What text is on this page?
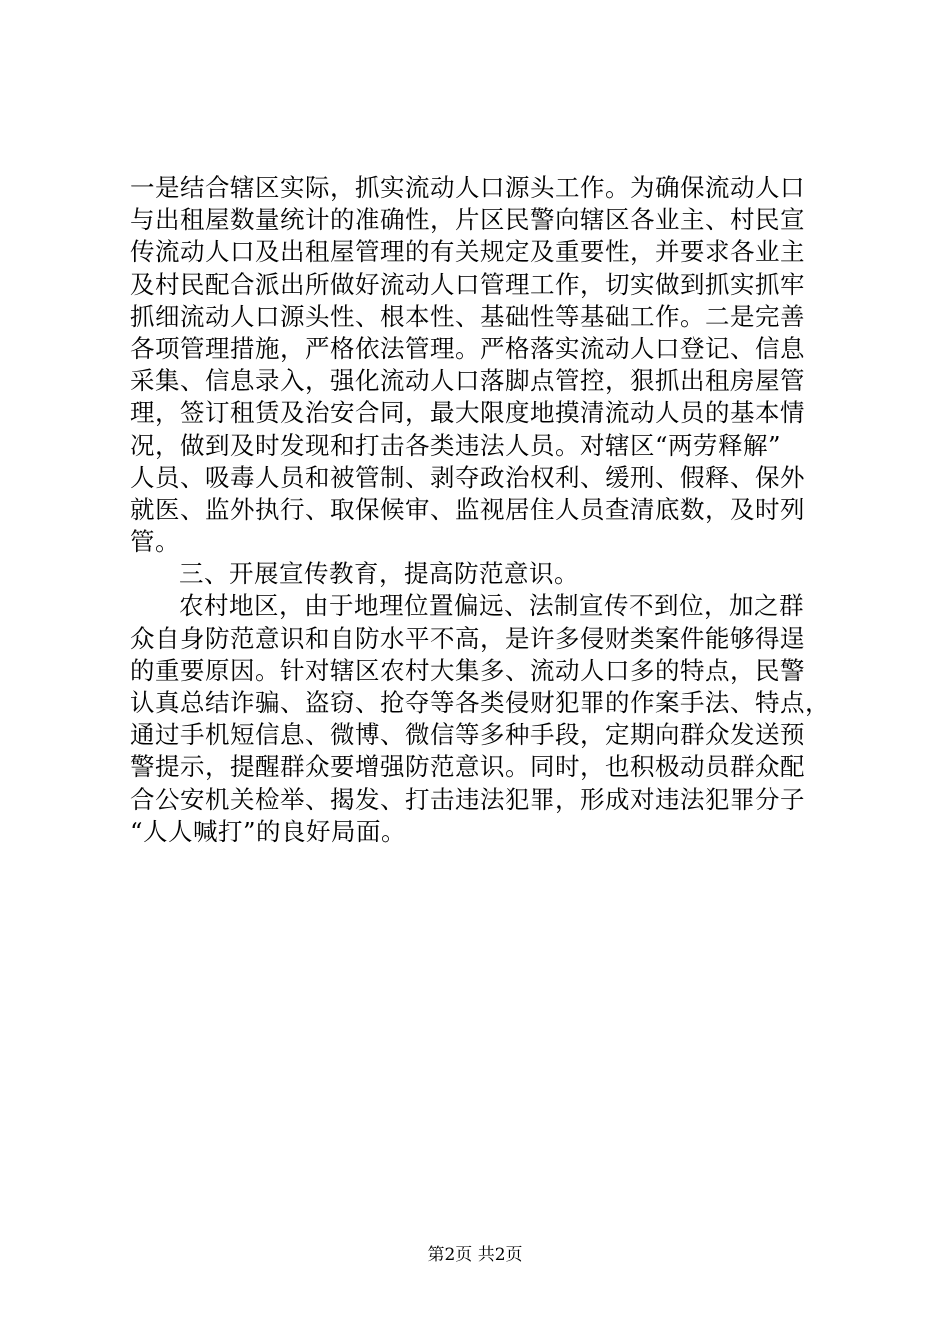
一是结合辖区实际，抓实流动人口源头工作。为确保流动人口
与出租屋数量统计的准确性，片区民警向辖区各业主、村民宣
传流动人口及出租屋管理的有关规定及重要性，并要求各业主
及村民配合派出所做好流动人口管理工作，切实做到抓实抓牢
抓细流动人口源头性、根本性、基础性等基础工作。二是完善
各项管理措施，严格依法管理。严格落实流动人口登记、信息
采集、信息录入，强化流动人口落脚点管控，狠抓出租房屋管
理，签订租赁及治安合同，最大限度地摸清流动人员的基本情
况，做到及时发现和打击各类违法人员。对辖区“两劳释解”
人员、吸毒人员和被管制、剥夺政治权利、缓刑、假释、保外
就医、监外执行、取保候审、监视居住人员查清底数，及时列
管。
三、开展宣传教育，提高防范意识。
农村地区，由于地理位置偏远、法制宣传不到位，加之群
众自身防范意识和自防水平不高，是许多侵财类案件能够得逞
的重要原因。针对辖区农村大集多、流动人口多的特点，民警
认真总结诈骗、盗窃、抢夺等各类侵财犯罪的作案手法、特点，
通过手机短信息、微博、微信等多种手段，定期向群众发送预
警提示，提醒群众要增强防范意识。同时，也积极动员群众配
合公安机关检举、揭发、打击违法犯罪，形成对违法犯罪分子
“人人喊打”的良好局面。
第2页 共2页
